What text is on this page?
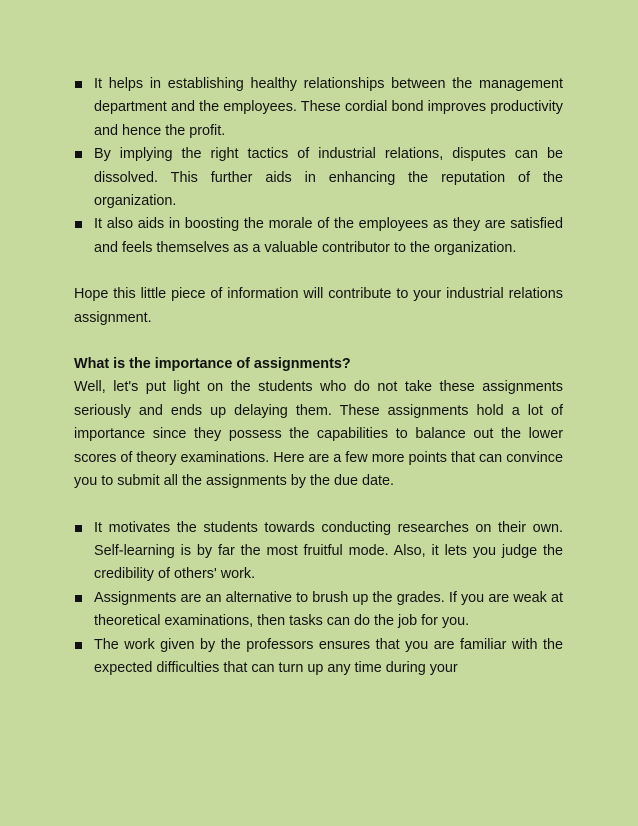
It helps in establishing healthy relationships between the management department and the employees. These cordial bond improves productivity and hence the profit.
By implying the right tactics of industrial relations, disputes can be dissolved. This further aids in enhancing the reputation of the organization.
It also aids in boosting the morale of the employees as they are satisfied and feels themselves as a valuable contributor to the organization.

Hope this little piece of information will contribute to your industrial relations assignment.

What is the importance of assignments?

Well, let's put light on the students who do not take these assignments seriously and ends up delaying them. These assignments hold a lot of importance since they possess the capabilities to balance out the lower scores of theory examinations. Here are a few more points that can convince you to submit all the assignments by the due date.

It motivates the students towards conducting researches on their own. Self-learning is by far the most fruitful mode. Also, it lets you judge the credibility of others' work.
Assignments are an alternative to brush up the grades. If you are weak at theoretical examinations, then tasks can do the job for you.
The work given by the professors ensures that you are familiar with the expected difficulties that can turn up any time during your
